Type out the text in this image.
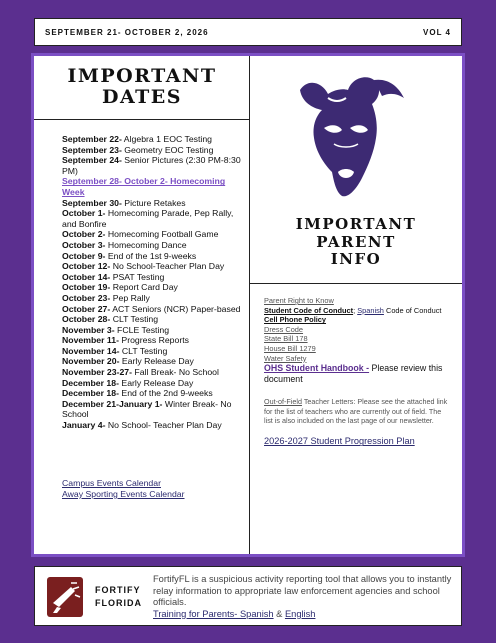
SEPTEMBER 21- OCTOBER 2, 2026	VOL 4
IMPORTANT
DATES
September 22- Algebra 1 EOC Testing
September 23- Geometry EOC Testing
September 24- Senior Pictures (2:30 PM-8:30 PM)
September 28- October 2- Homecoming Week
September 30- Picture Retakes
October 1- Homecoming Parade, Pep Rally, and Bonfire
October 2- Homecoming Football Game
October 3- Homecoming Dance
October 9- End of the 1st 9-weeks
October 12- No School-Teacher Plan Day
October 14- PSAT Testing
October 19- Report Card Day
October 23- Pep Rally
October 27- ACT Seniors (NCR) Paper-based
October 28- CLT Testing
November 3- FCLE Testing
November 11- Progress Reports
November 14- CLT Testing
November 20- Early Release Day
November 23-27- Fall Break- No School
December 18- Early Release Day
December 18- End of the 2nd 9-weeks
December 21-January 1- Winter Break- No School
January 4- No School- Teacher Plan Day
Campus Events Calendar
Away Sporting Events Calendar
IMPORTANT
PARENT
INFO
Parent Right to Know
Student Code of Conduct; Spanish Code of Conduct
Cell Phone Policy
Dress Code
State Bill 178
House Bill 1279
Water Safety
OHS Student Handbook - Please review this document
Out-of-Field Teacher Letters: Please see the attached link for the list of teachers who are currently out of field. The list is also included on the last page of our newsletter.
2026-2027 Student Progression Plan
FORTIFY
FLORIDA
FortifyFL is a suspicious activity reporting tool that allows you to instantly relay information to appropriate law enforcement agencies and school officials.
Training for Parents- Spanish & English
